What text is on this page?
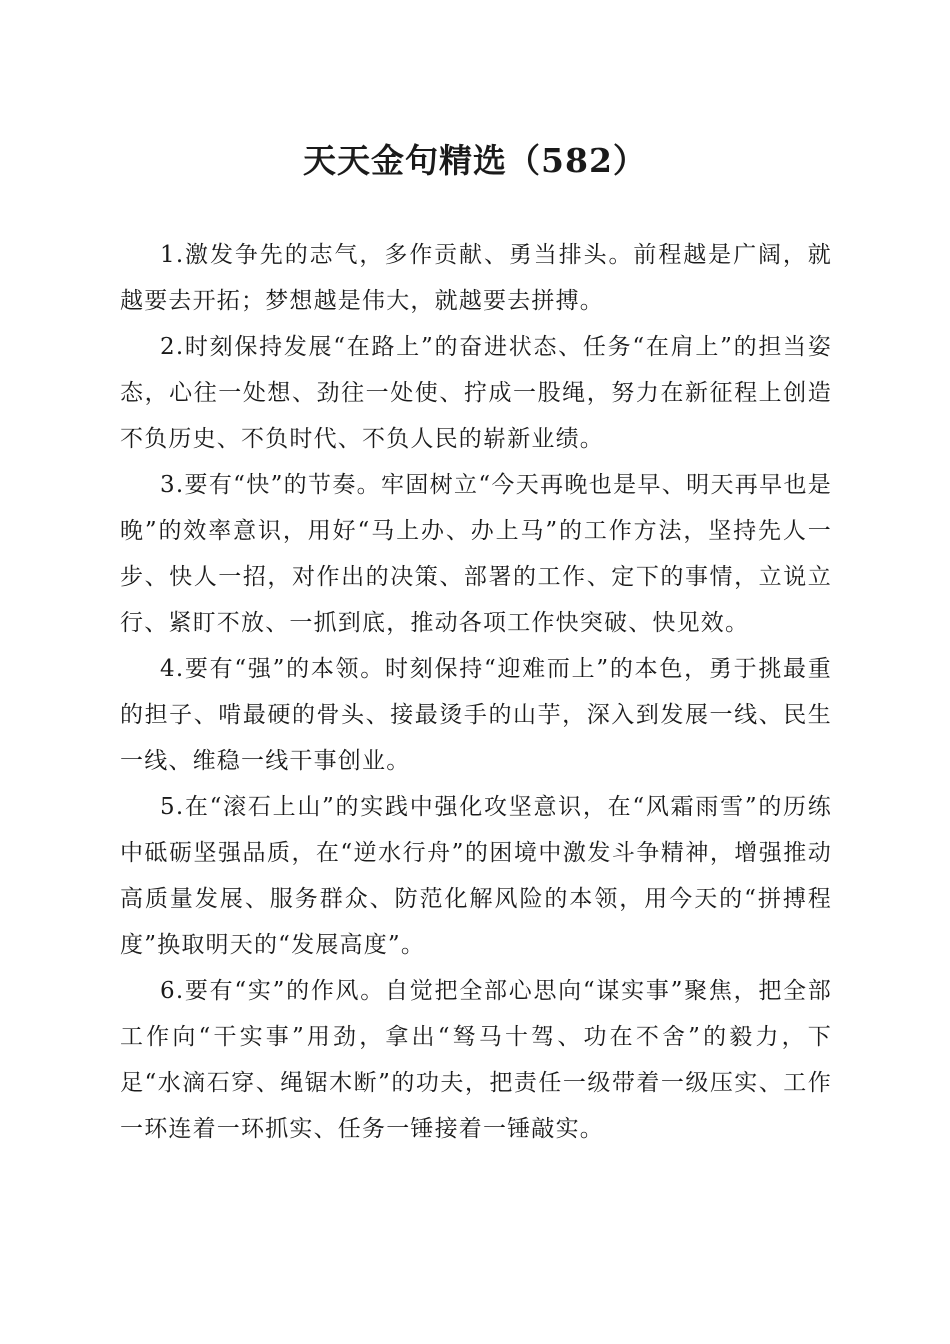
天天金句精选（582）

1.激发争先的志气，多作贡献、勇当排头。前程越是广阔，就越要去开拓；梦想越是伟大，就越要去拼搏。

2.时刻保持发展“在路上”的奋进状态、任务“在肩上”的担当姿态，心往一处想、劲往一处使、拧成一股绳，努力在新征程上创造不负历史、不负时代、不负人民的崭新业绩。

3.要有“快”的节奏。牢固树立“今天再晚也是早、明天再早也是晚”的效率意识，用好“马上办、办上马”的工作方法，坚持先人一步、快人一招，对作出的决策、部署的工作、定下的事情，立说立行、紧盯不放、一抓到底，推动各项工作快突破、快见效。

4.要有“强”的本领。时刻保持“迎难而上”的本色，勇于挑最重的担子、啃最硬的骨头、接最烫手的山芋，深入到发展一线、民生一线、维稳一线干事创业。

5.在“滚石上山”的实践中强化攻坚意识，在“风霜雨雪”的历练中砥砺坚强品质，在“逆水行舟”的困境中激发斗争精神，增强推动高质量发展、服务群众、防范化解风险的本领，用今天的“拼搏程度”换取明天的“发展高度”。

6.要有“实”的作风。自觉把全部心思向“谋实事”聚焦，把全部工作向“干实事”用劲，拿出“驽马十驾、功在不舍”的毅力，下足“水滴石穿、绳锯木断”的功夫，把责任一级带着一级压实、工作一环连着一环抓实、任务一锤接着一锤敲实。
